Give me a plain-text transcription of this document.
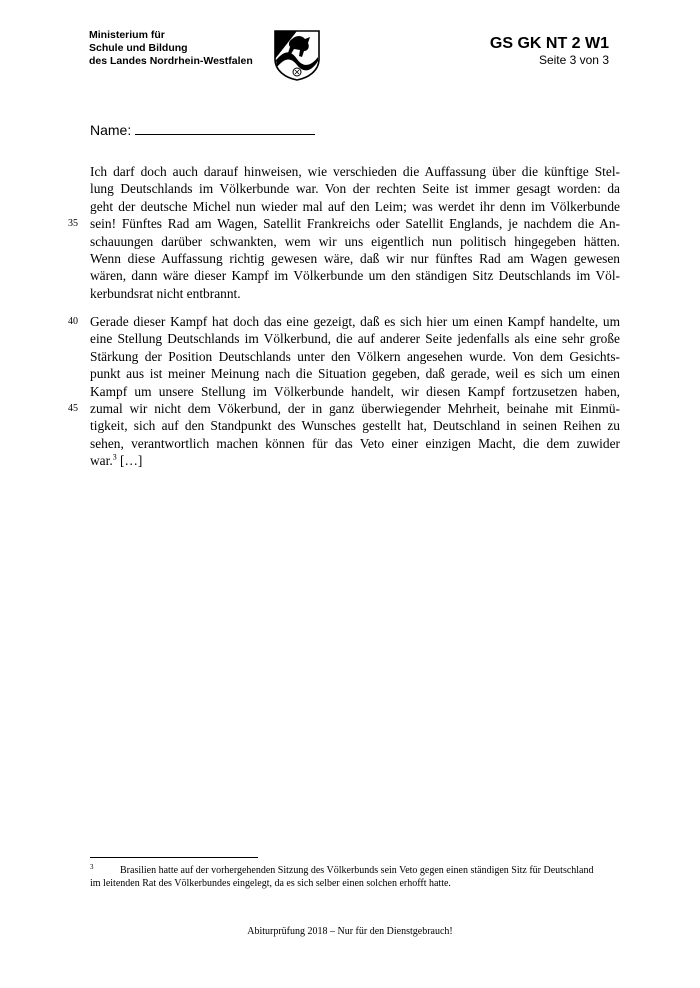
Ministerium für
Schule und Bildung
des Landes Nordrhein-Westfalen
GS GK NT 2 W1
Seite 3 von 3
Name:
Ich darf doch auch darauf hinweisen, wie verschieden die Auffassung über die künftige Stel-
lung Deutschlands im Völkerbunde war. Von der rechten Seite ist immer gesagt worden: da
geht der deutsche Michel nun wieder mal auf den Leim; was werdet ihr denn im Völkerbunde
sein! Fünftes Rad am Wagen, Satellit Frankreichs oder Satellit Englands, je nachdem die An-
schauungen darüber schwankten, wem wir uns eigentlich nun politisch hingegeben hätten.
Wenn diese Auffassung richtig gewesen wäre, daß wir nur fünftes Rad am Wagen gewesen
wären, dann wäre dieser Kampf im Völkerbunde um den ständigen Sitz Deutschlands im Völ-
kerbundsrat nicht entbrannt.
35
Gerade dieser Kampf hat doch das eine gezeigt, daß es sich hier um einen Kampf handelte, um
eine Stellung Deutschlands im Völkerbund, die auf anderer Seite jedenfalls als eine sehr große
Stärkung der Position Deutschlands unter den Völkern angesehen wurde. Von dem Gesichts-
punkt aus ist meiner Meinung nach die Situation gegeben, daß gerade, weil es sich um einen
Kampf um unsere Stellung im Völkerbunde handelt, wir diesen Kampf fortzusetzen haben,
zumal wir nicht dem Vökerbund, der in ganz überwiegender Mehrheit, beinahe mit Einmü-
tigkeit, sich auf den Standpunkt des Wunsches gestellt hat, Deutschland in seinen Reihen zu
sehen, verantwortlich machen können für das Veto einer einzigen Macht, die dem zuwider
war.$^3$ […]
40
45
3	Brasilien hatte auf der vorhergehenden Sitzung des Völkerbunds sein Veto gegen einen ständigen Sitz für Deutschland
im leitenden Rat des Völkerbundes eingelegt, da es sich selber einen solchen erhofft hatte.
Abiturprüfung 2018 – Nur für den Dienstgebrauch!
